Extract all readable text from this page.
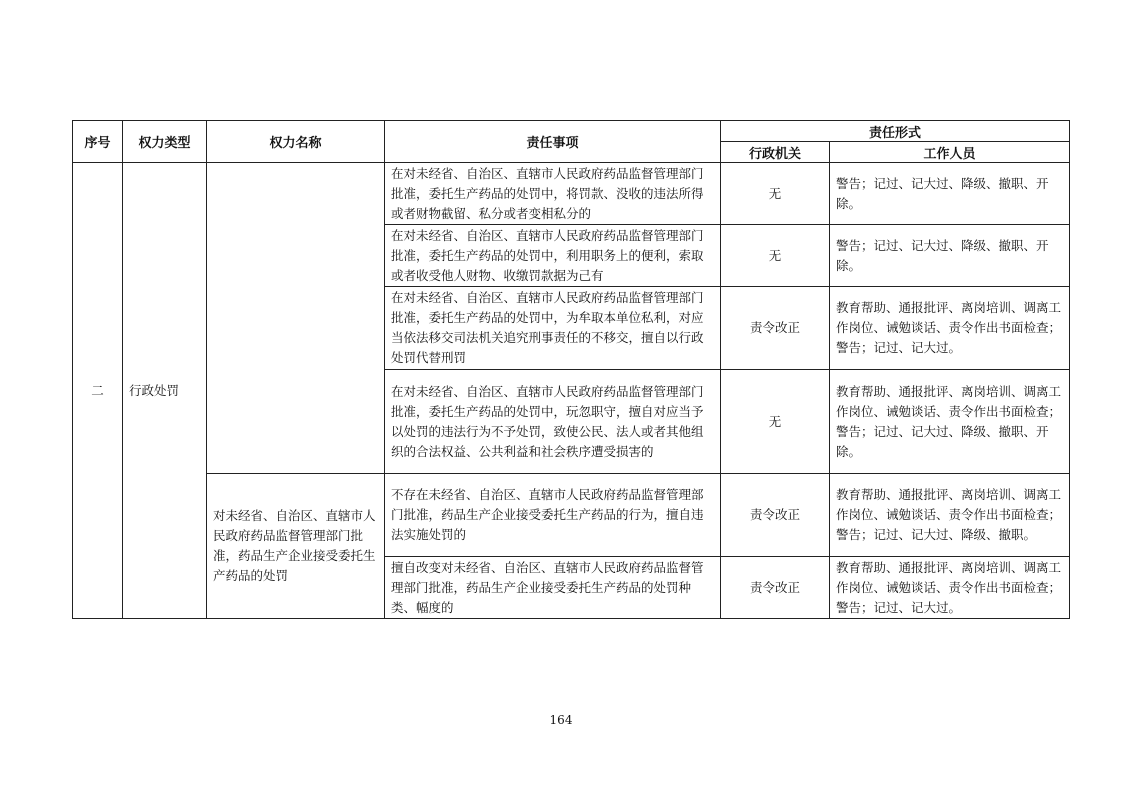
序号	权力类型	权力名称	责任事项	责任形式	
				行政机关	工作人员
二	行政处罚		在对未经省、自治区、直辖市人民政府药品监督管理部门批准，委托生产药品的处罚中，将罚款、没收的违法所得或者财物截留、私分或者变相私分的	无	警告；记过、记大过、降级、撤职、开除。
			在对未经省、自治区、直辖市人民政府药品监督管理部门批准，委托生产药品的处罚中，利用职务上的便利，索取或者收受他人财物、收缴罚款据为己有	无	警告；记过、记大过、降级、撤职、开除。
			在对未经省、自治区、直辖市人民政府药品监督管理部门批准，委托生产药品的处罚中，为牟取本单位私利，对应当依法移交司法机关追究刑事责任的不移交，擅自以行政处罚代替刑罚	责令改正	教育帮助、通报批评、离岗培训、调离工作岗位、诫勉谈话、责令作出书面检查；警告；记过、记大过。
			在对未经省、自治区、直辖市人民政府药品监督管理部门批准，委托生产药品的处罚中，玩忽职守，擅自对应当予以处罚的违法行为不予处罚，致使公民、法人或者其他组织的合法权益、公共利益和社会秩序遭受损害的	无	教育帮助、通报批评、离岗培训、调离工作岗位、诫勉谈话、责令作出书面检查；警告；记过、记大过、降级、撤职、开除。
		对未经省、自治区、直辖市人民政府药品监督管理部门批准，药品生产企业接受委托生产药品的处罚	不存在未经省、自治区、直辖市人民政府药品监督管理部门批准，药品生产企业接受委托生产药品的行为，擅自违法实施处罚的	责令改正	教育帮助、通报批评、离岗培训、调离工作岗位、诫勉谈话、责令作出书面检查；警告；记过、记大过、降级、撤职。
			擅自改变对未经省、自治区、直辖市人民政府药品监督管理部门批准，药品生产企业接受委托生产药品的处罚种类、幅度的	责令改正	教育帮助、通报批评、离岗培训、调离工作岗位、诫勉谈话、责令作出书面检查；警告；记过、记大过。
164
